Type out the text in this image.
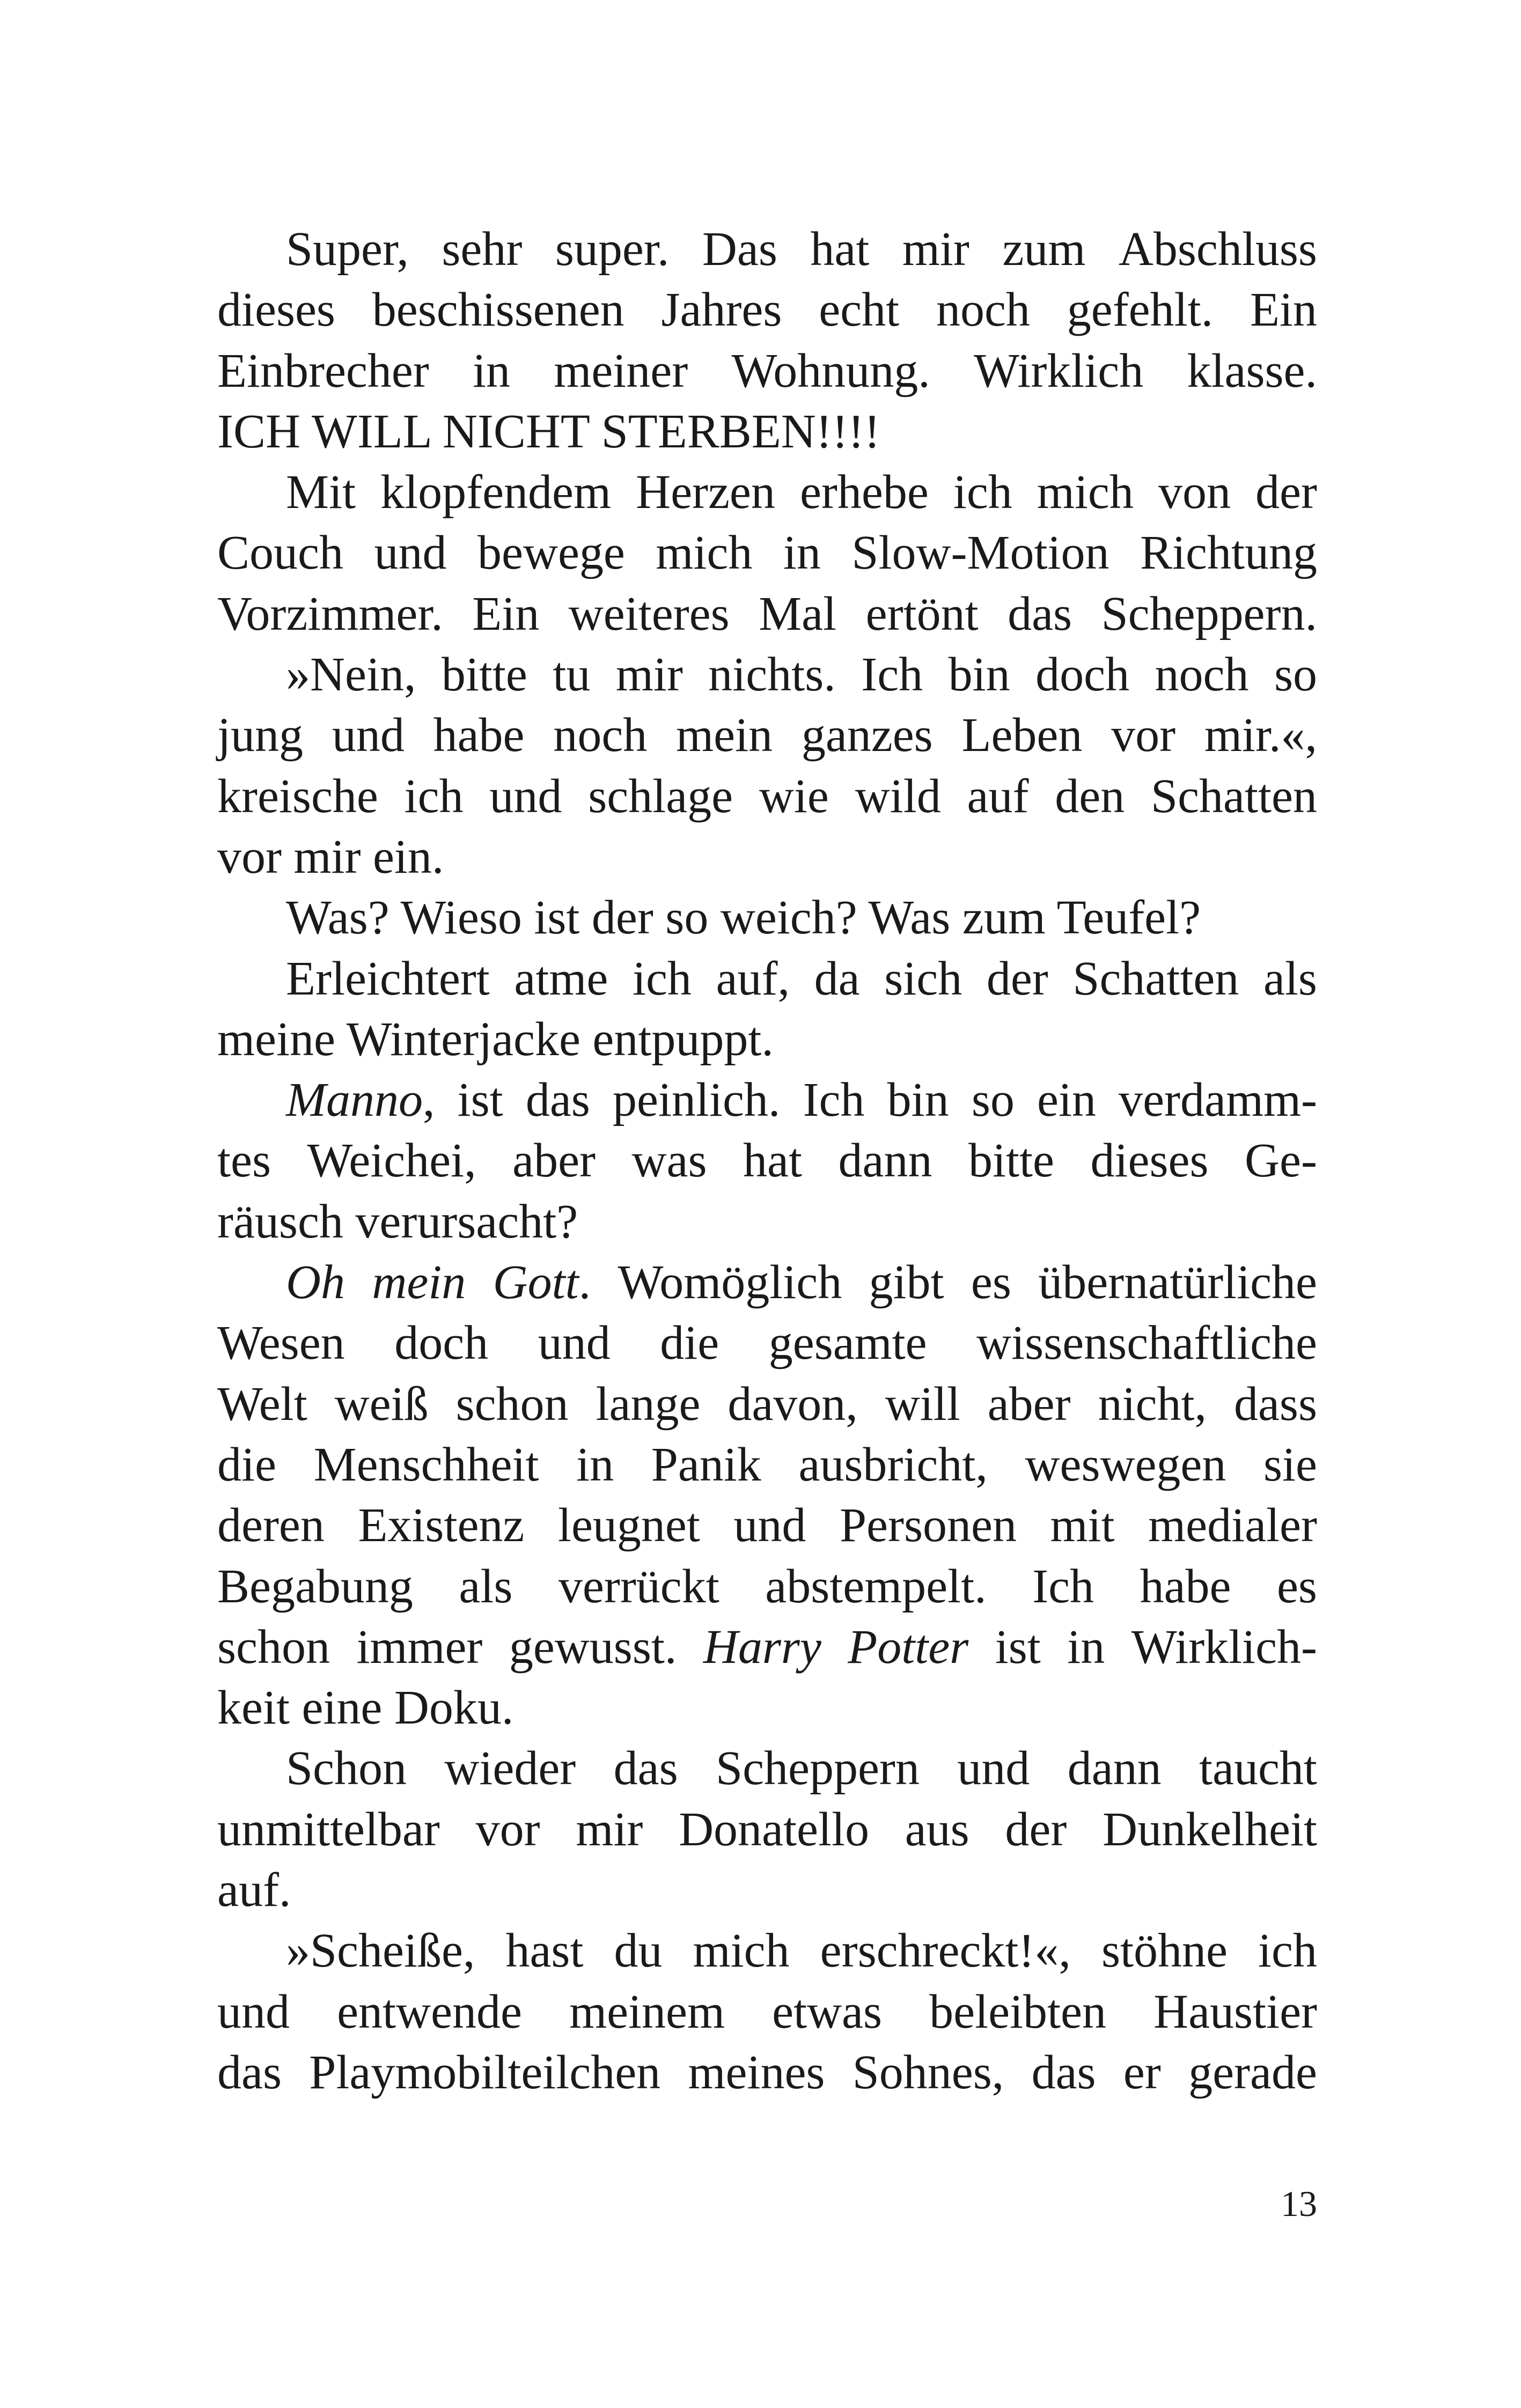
Super, sehr super. Das hat mir zum Abschluss
dieses beschissenen Jahres echt noch gefehlt. Ein
Einbrecher in meiner Wohnung. Wirklich klasse.
ICH WILL NICHT STERBEN!!!!
Mit klopfendem Herzen erhebe ich mich von der
Couch und bewege mich in Slow-Motion Richtung
Vorzimmer. Ein weiteres Mal ertönt das Scheppern.
»Nein, bitte tu mir nichts. Ich bin doch noch so
jung und habe noch mein ganzes Leben vor mir.«,
kreische ich und schlage wie wild auf den Schatten
vor mir ein.
Was? Wieso ist der so weich? Was zum Teufel?
Erleichtert atme ich auf, da sich der Schatten als
meine Winterjacke entpuppt.
Manno, ist das peinlich. Ich bin so ein verdamm-
tes Weichei, aber was hat dann bitte dieses Ge-
räusch verursacht?
Oh mein Gott. Womöglich gibt es übernatürliche
Wesen doch und die gesamte wissenschaftliche
Welt weiß schon lange davon, will aber nicht, dass
die Menschheit in Panik ausbricht, weswegen sie
deren Existenz leugnet und Personen mit medialer
Begabung als verrückt abstempelt. Ich habe es
schon immer gewusst. Harry Potter ist in Wirklich-
keit eine Doku.
Schon wieder das Scheppern und dann taucht
unmittelbar vor mir Donatello aus der Dunkelheit
auf.
»Scheiße, hast du mich erschreckt!«, stöhne ich
und entwende meinem etwas beleibten Haustier
das Playmobilteilchen meines Sohnes, das er gerade
13
